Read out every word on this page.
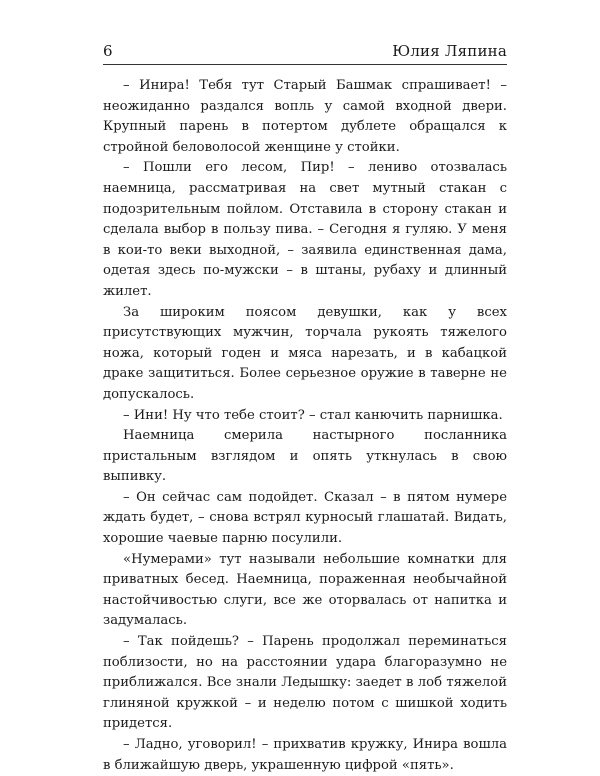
6	Юлия Ляпина

– Инира! Тебя тут Старый Башмак спрашивает! – неожиданно раздался вопль у самой входной двери. Крупный парень в потертом дублете обращался к стройной беловолосой женщине у стойки.

– Пошли его лесом, Пир! – лениво отозвалась наемница, рассматривая на свет мутный стакан с подозрительным пойлом. Отставила в сторону стакан и сделала выбор в пользу пива. – Сегодня я гуляю. У меня в кои-то веки выходной, – заявила единственная дама, одетая здесь по-мужски – в штаны, рубаху и длинный жилет.

За широким поясом девушки, как у всех присутствующих мужчин, торчала рукоять тяжелого ножа, который годен и мяса нарезать, и в кабацкой драке защититься. Более серьезное оружие в таверне не допускалось.

– Ини! Ну что тебе стоит? – стал канючить парнишка.

Наемница смерила настырного посланника пристальным взглядом и опять уткнулась в свою выпивку.

– Он сейчас сам подойдет. Сказал – в пятом нумере ждать будет, – снова встрял курносый глашатай. Видать, хорошие чаевые парню посулили.

«Нумерами» тут называли небольшие комнатки для приватных бесед. Наемница, пораженная необычайной настойчивостью слуги, все же оторвалась от напитка и задумалась.

– Так пойдешь? – Парень продолжал переминаться поблизости, но на расстоянии удара благоразумно не приближался. Все знали Ледышку: заедет в лоб тяжелой глиняной кружкой – и неделю потом с шишкой ходить придется.

– Ладно, уговорил! – прихватив кружку, Инира вошла в ближайшую дверь, украшенную цифрой «пять».
